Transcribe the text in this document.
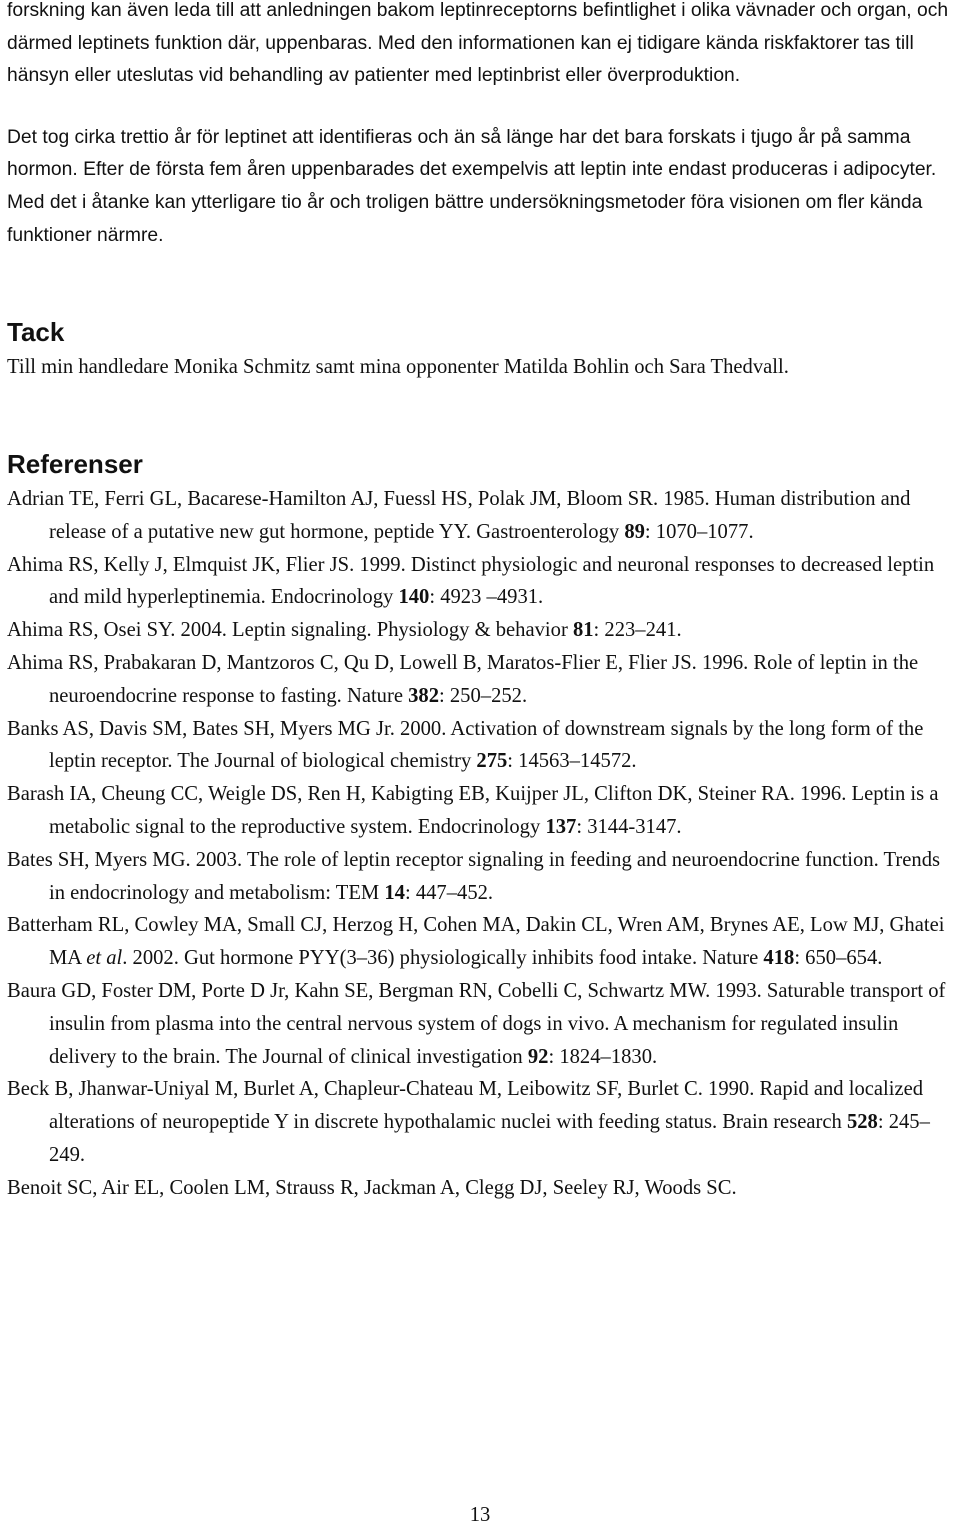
forskning kan även leda till att anledningen bakom leptinreceptorns befintlighet i olika vävnader och organ, och därmed leptinets funktion där, uppenbaras. Med den informationen kan ej tidigare kända riskfaktorer tas till hänsyn eller uteslutas vid behandling av patienter med leptinbrist eller överproduktion.

Det tog cirka trettio år för leptinet att identifieras och än så länge har det bara forskats i tjugo år på samma hormon. Efter de första fem åren uppenbarades det exempelvis att leptin inte endast produceras i adipocyter. Med det i åtanke kan ytterligare tio år och troligen bättre undersökningsmetoder föra visionen om fler kända funktioner närmre.

Tack

Till min handledare Monika Schmitz samt mina opponenter Matilda Bohlin och Sara Thedvall.

Referenser
Adrian TE, Ferri GL, Bacarese-Hamilton AJ, Fuessl HS, Polak JM, Bloom SR. 1985. Human distribution and release of a putative new gut hormone, peptide YY. Gastroenterology 89: 1070–1077.
Ahima RS, Kelly J, Elmquist JK, Flier JS. 1999. Distinct physiologic and neuronal responses to decreased leptin and mild hyperleptinemia. Endocrinology 140: 4923 –4931.
Ahima RS, Osei SY. 2004. Leptin signaling. Physiology & behavior 81: 223–241.
Ahima RS, Prabakaran D, Mantzoros C, Qu D, Lowell B, Maratos-Flier E, Flier JS. 1996. Role of leptin in the neuroendocrine response to fasting. Nature 382: 250–252.
Banks AS, Davis SM, Bates SH, Myers MG Jr. 2000. Activation of downstream signals by the long form of the leptin receptor. The Journal of biological chemistry 275: 14563–14572.
Barash IA, Cheung CC, Weigle DS, Ren H, Kabigting EB, Kuijper JL, Clifton DK, Steiner RA. 1996. Leptin is a metabolic signal to the reproductive system. Endocrinology 137: 3144-3147.
Bates SH, Myers MG. 2003. The role of leptin receptor signaling in feeding and neuroendocrine function. Trends in endocrinology and metabolism: TEM 14: 447–452.
Batterham RL, Cowley MA, Small CJ, Herzog H, Cohen MA, Dakin CL, Wren AM, Brynes AE, Low MJ, Ghatei MA et al. 2002. Gut hormone PYY(3–36) physiologically inhibits food intake. Nature 418: 650–654.
Baura GD, Foster DM, Porte D Jr, Kahn SE, Bergman RN, Cobelli C, Schwartz MW. 1993. Saturable transport of insulin from plasma into the central nervous system of dogs in vivo. A mechanism for regulated insulin delivery to the brain. The Journal of clinical investigation 92: 1824–1830.
Beck B, Jhanwar-Uniyal M, Burlet A, Chapleur-Chateau M, Leibowitz SF, Burlet C. 1990. Rapid and localized alterations of neuropeptide Y in discrete hypothalamic nuclei with feeding status. Brain research 528: 245–249.
Benoit SC, Air EL, Coolen LM, Strauss R, Jackman A, Clegg DJ, Seeley RJ, Woods SC.
13
